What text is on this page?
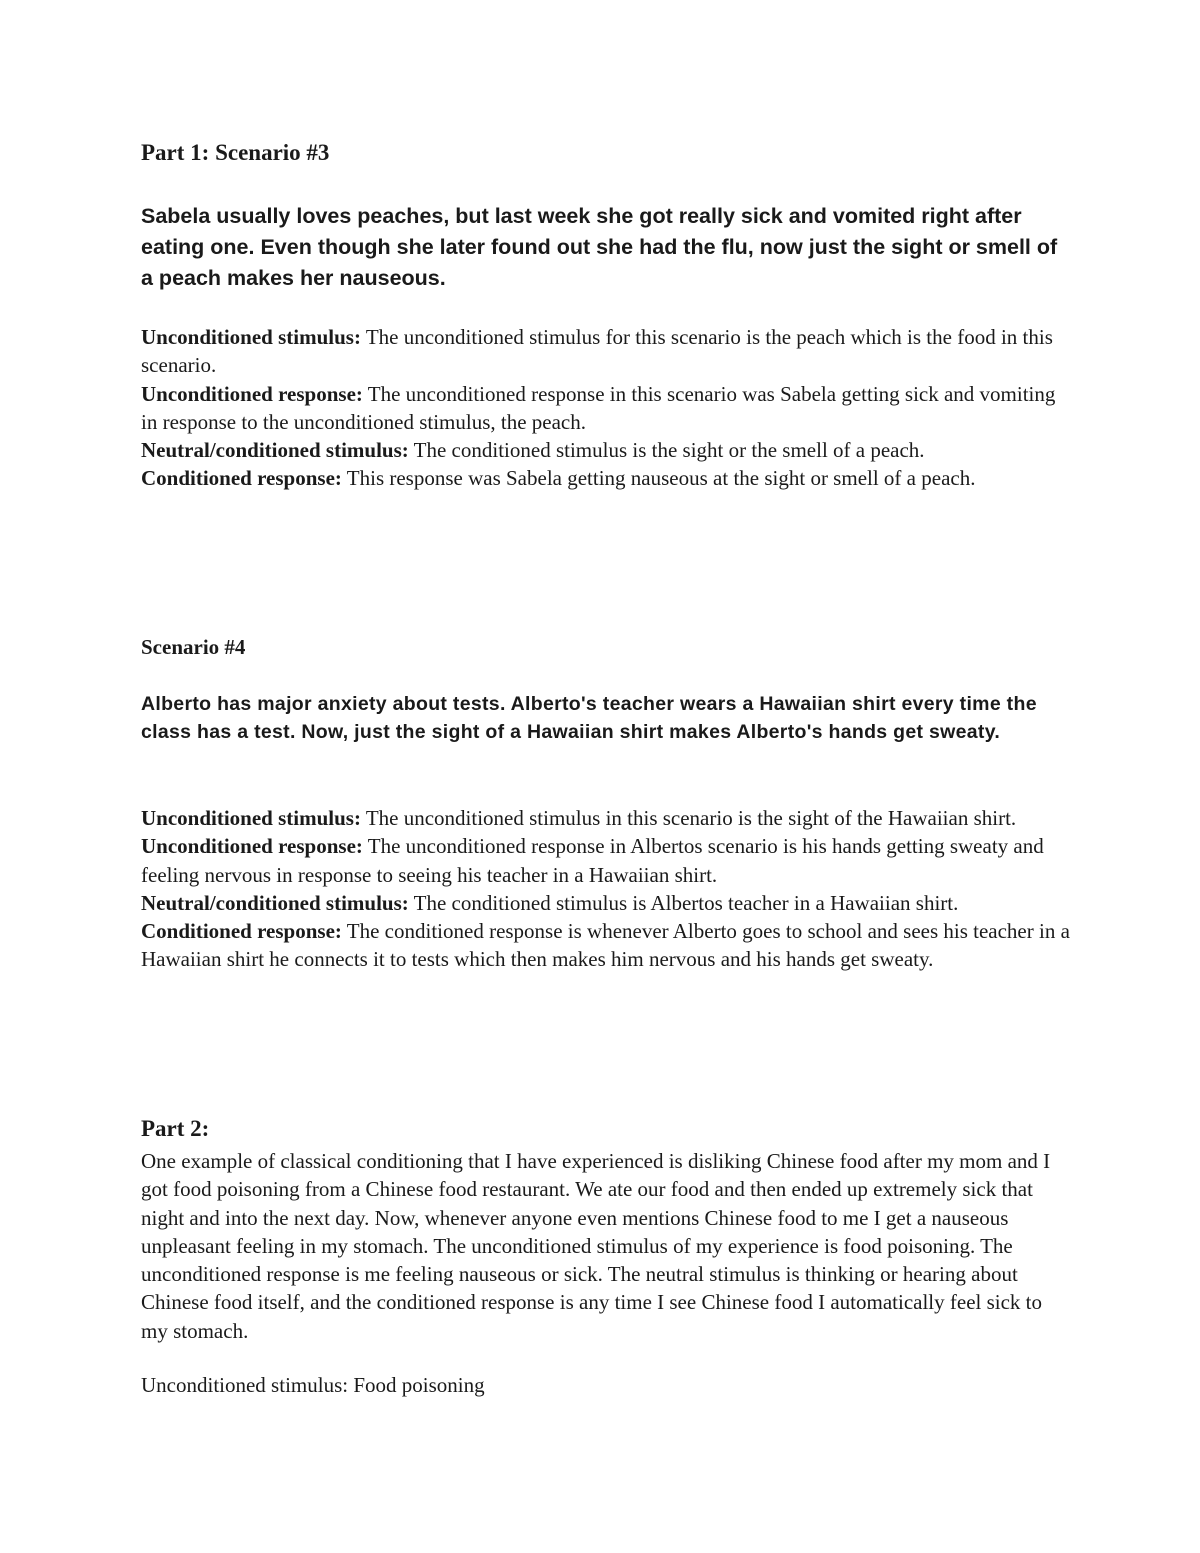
Part 1: Scenario #3

Sabela usually loves peaches, but last week she got really sick and vomited right after eating one. Even though she later found out she had the flu, now just the sight or smell of a peach makes her nauseous.

Unconditioned stimulus: The unconditioned stimulus for this scenario is the peach which is the food in this scenario.

Unconditioned response: The unconditioned response in this scenario was Sabela getting sick and vomiting in response to the unconditioned stimulus, the peach.

Neutral/conditioned stimulus: The conditioned stimulus is the sight or the smell of a peach.

Conditioned response: This response was Sabela getting nauseous at the sight or smell of a peach.

Scenario #4

Alberto has major anxiety about tests. Alberto's teacher wears a Hawaiian shirt every time the class has a test. Now, just the sight of a Hawaiian shirt makes Alberto's hands get sweaty.

Unconditioned stimulus: The unconditioned stimulus in this scenario is the sight of the Hawaiian shirt.

Unconditioned response: The unconditioned response in Albertos scenario is his hands getting sweaty and feeling nervous in response to seeing his teacher in a Hawaiian shirt.

Neutral/conditioned stimulus: The conditioned stimulus is Albertos teacher in a Hawaiian shirt.

Conditioned response: The conditioned response is whenever Alberto goes to school and sees his teacher in a Hawaiian shirt he connects it to tests which then makes him nervous and his hands get sweaty.

Part 2:

One example of classical conditioning that I have experienced is disliking Chinese food after my mom and I got food poisoning from a Chinese food restaurant. We ate our food and then ended up extremely sick that night and into the next day. Now, whenever anyone even mentions Chinese food to me I get a nauseous unpleasant feeling in my stomach. The unconditioned stimulus of my experience is food poisoning. The unconditioned response is me feeling nauseous or sick. The neutral stimulus is thinking or hearing about Chinese food itself, and the conditioned response is any time I see Chinese food I automatically feel sick to my stomach.

Unconditioned stimulus: Food poisoning
